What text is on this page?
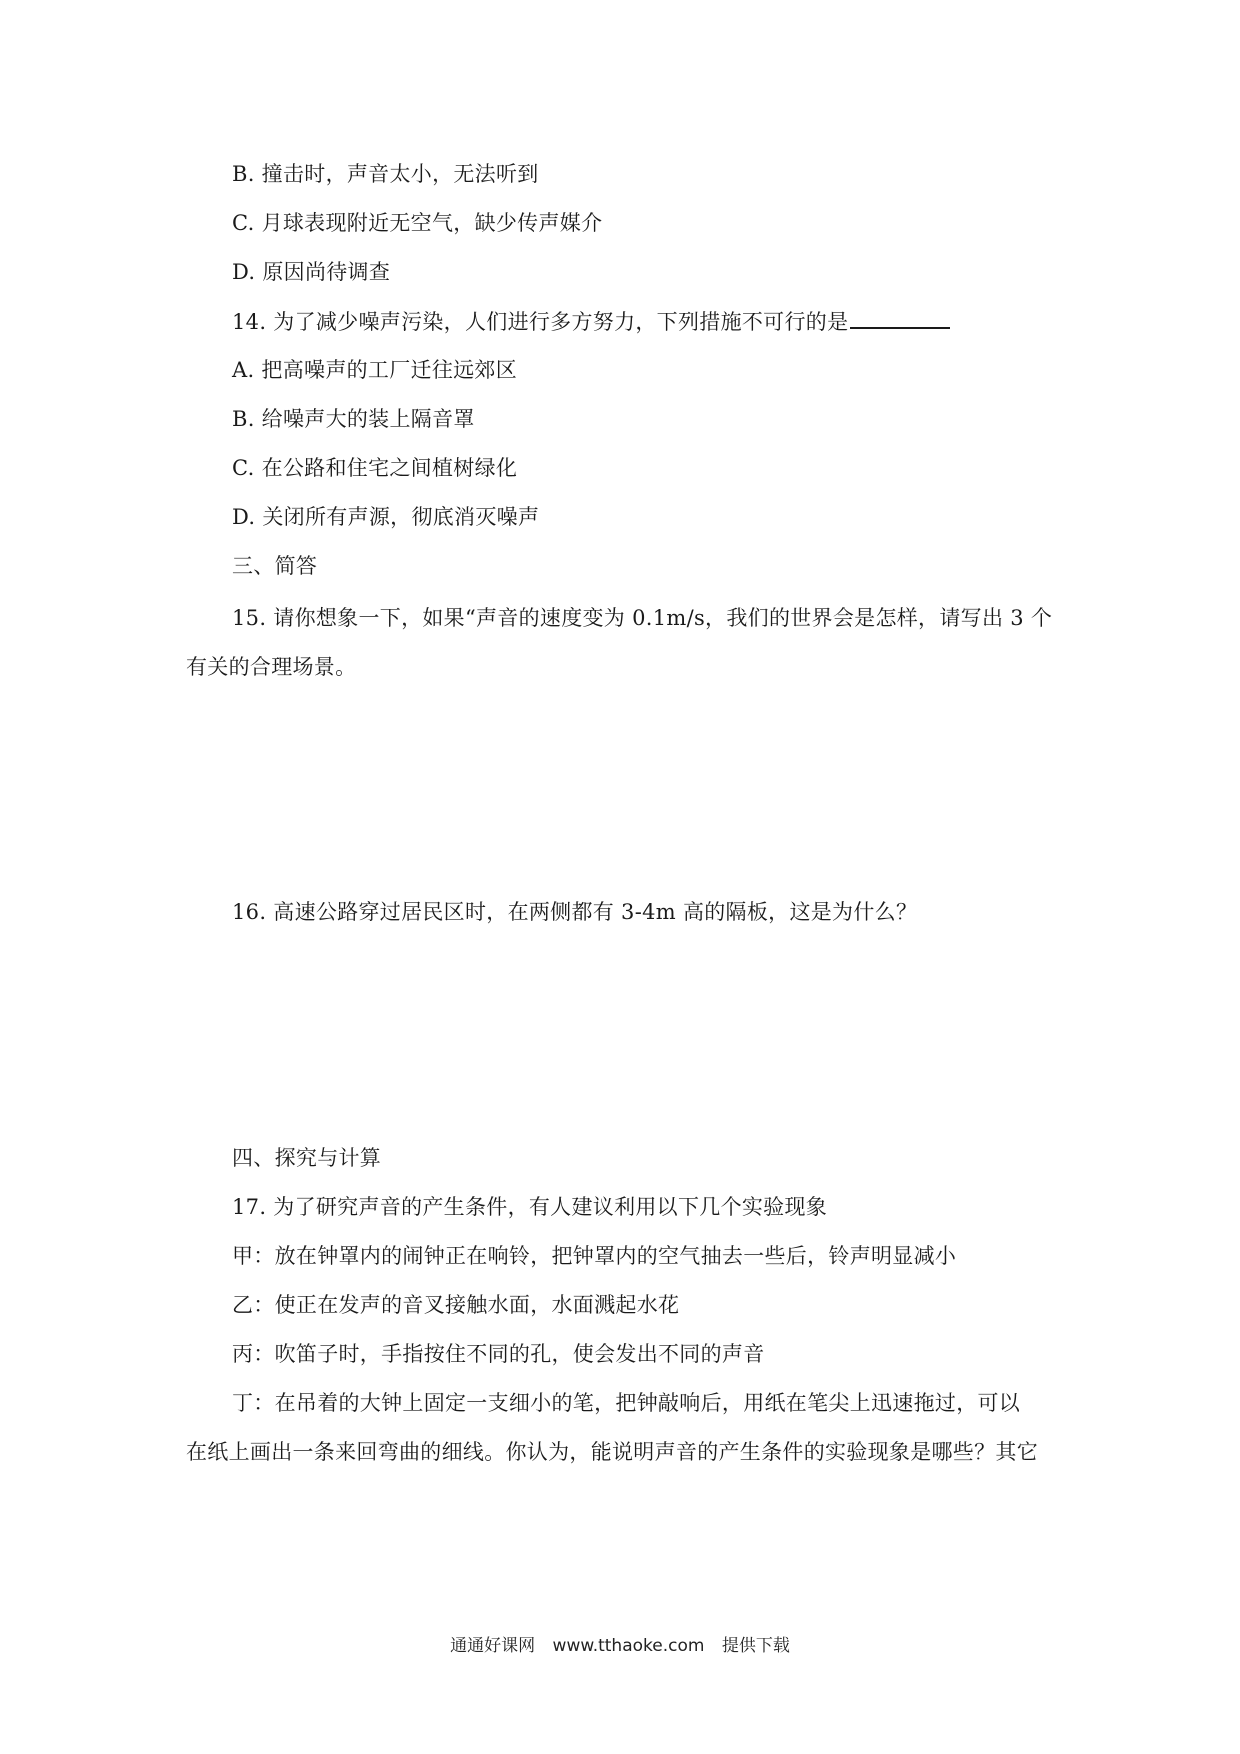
B. 撞击时，声音太小，无法听到
C. 月球表现附近无空气，缺少传声媒介
D. 原因尚待调查
14. 为了减少噪声污染，人们进行多方努力，下列措施不可行的是
A. 把高噪声的工厂迁往远郊区
B. 给噪声大的装上隔音罩
C. 在公路和住宅之间植树绿化
D. 关闭所有声源，彻底消灭噪声
三、简答
15. 请你想象一下，如果“声音的速度变为 0.1m/s，我们的世界会是怎样，请写出 3 个
有关的合理场景。
16. 高速公路穿过居民区时，在两侧都有 3-4m 高的隔板，这是为什么？
四、探究与计算
17. 为了研究声音的产生条件，有人建议利用以下几个实验现象
甲：放在钟罩内的闹钟正在响铃，把钟罩内的空气抽去一些后，铃声明显减小
乙：使正在发声的音叉接触水面，水面溅起水花
丙：吹笛子时，手指按住不同的孔，使会发出不同的声音
丁：在吊着的大钟上固定一支细小的笔，把钟敲响后，用纸在笔尖上迅速拖过，可以
在纸上画出一条来回弯曲的细线。你认为，能说明声音的产生条件的实验现象是哪些？其它
通通好课网 www.tthaoke.com 提供下载
